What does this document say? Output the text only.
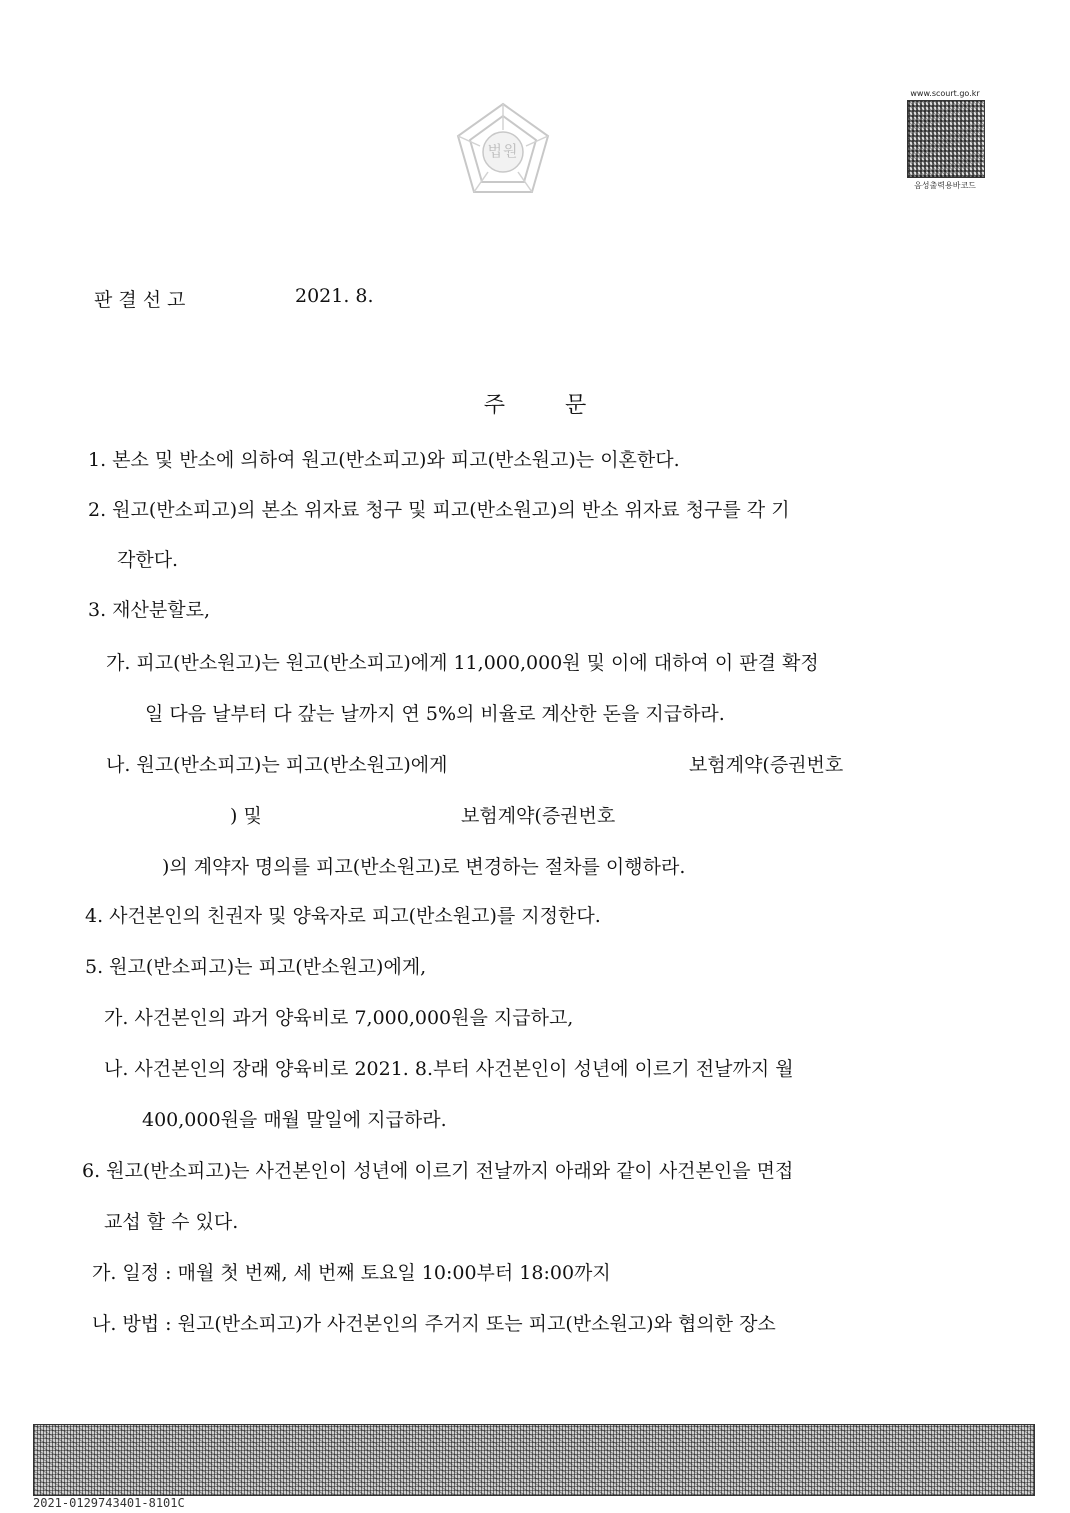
법원
www.scourt.go.kr
음성출력용바코드
판결선고	2021. 8.
주문
1. 본소 및 반소에 의하여 원고(반소피고)와 피고(반소원고)는 이혼한다.
2. 원고(반소피고)의 본소 위자료 청구 및 피고(반소원고)의 반소 위자료 청구를 각 기
각한다.
3. 재산분할로,
가. 피고(반소원고)는 원고(반소피고)에게 11,000,000원 및 이에 대하여 이 판결 확정
일 다음 날부터 다 갚는 날까지 연 5%의 비율로 계산한 돈을 지급하라.
나. 원고(반소피고)는 피고(반소원고)에게	보험계약(증권번호
) 및	보험계약(증권번호
)의 계약자 명의를 피고(반소원고)로 변경하는 절차를 이행하라.
4. 사건본인의 친권자 및 양육자로 피고(반소원고)를 지정한다.
5. 원고(반소피고)는 피고(반소원고)에게,
가. 사건본인의 과거 양육비로 7,000,000원을 지급하고,
나. 사건본인의 장래 양육비로 2021. 8.부터 사건본인이 성년에 이르기 전날까지 월
400,000원을 매월 말일에 지급하라.
6. 원고(반소피고)는 사건본인이 성년에 이르기 전날까지 아래와 같이 사건본인을 면접
교섭 할 수 있다.
가. 일정 : 매월 첫 번째, 세 번째 토요일 10:00부터 18:00까지
나. 방법 : 원고(반소피고)가 사건본인의 주거지 또는 피고(반소원고)와 협의한 장소
2021-0129743401-8101C
